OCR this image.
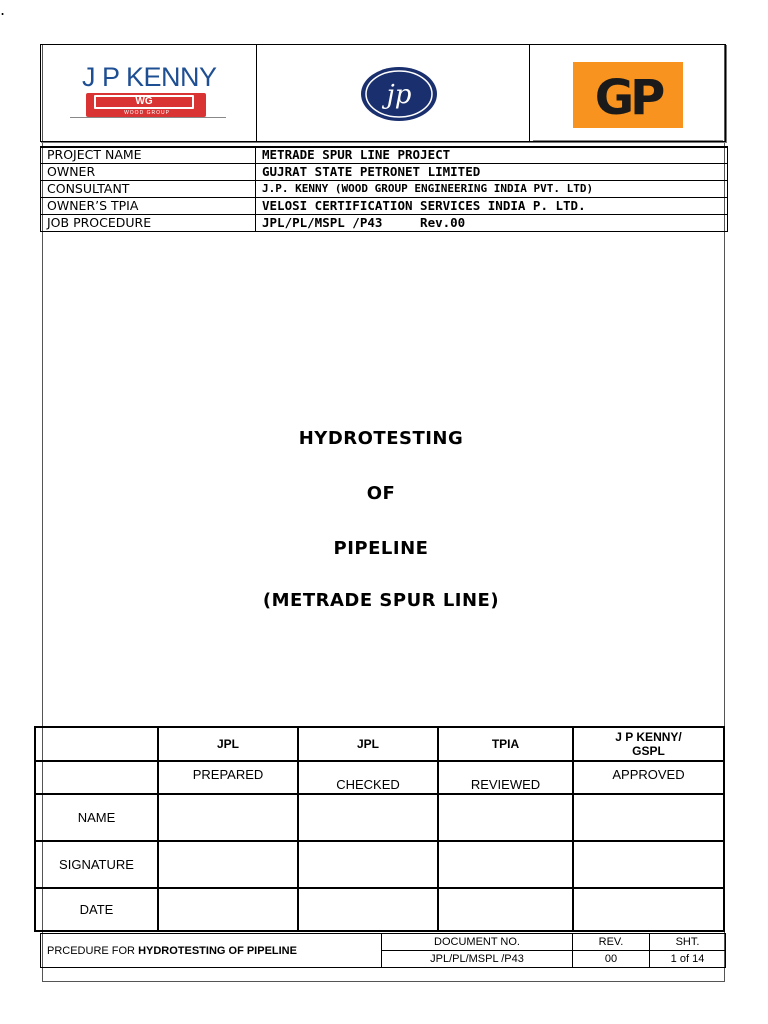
J P KENNY
WG
WOOD GROUP
jp	GP
PROJECT NAME	METRADE SPUR LINE PROJECT
OWNER	GUJRAT STATE PETRONET LIMITED
CONSULTANT	J.P. KENNY (WOOD GROUP ENGINEERING INDIA PVT. LTD)
OWNER’S TPIA	VELOSI CERTIFICATION SERVICES INDIA P. LTD.
JOB PROCEDURE	JPL/PL/MSPL /P43     Rev.00
HYDROTESTING
OF
PIPELINE
(METRADE SPUR LINE)
	JPL	JPL	TPIA	J P KENNY/ GSPL

	PREPARED	CHECKED	REVIEWED	APPROVED

NAME				
SIGNATURE				
DATE				
.
PRCEDURE FOR HYDROTESTING OF PIPELINE	DOCUMENT NO.	REV.	SHT.
	JPL/PL/MSPL /P43	00	1 of 14
